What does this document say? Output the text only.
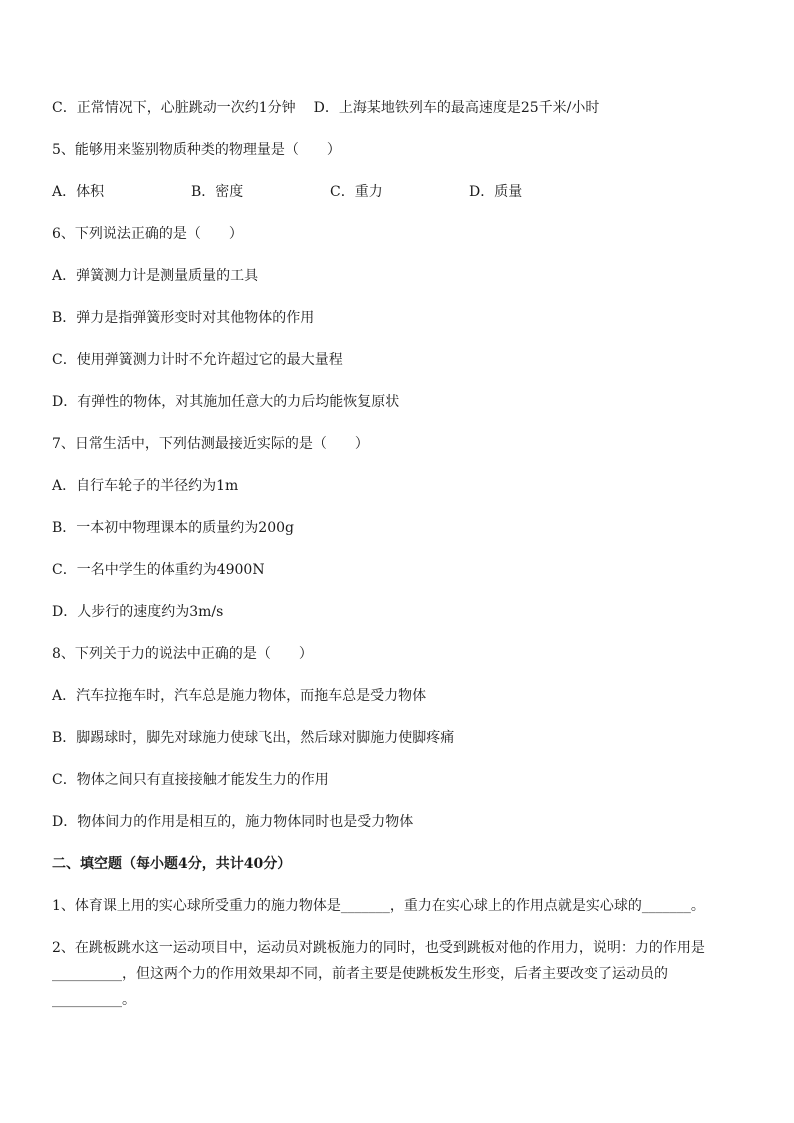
C．正常情况下，心脏跳动一次约1分钟 D．上海某地铁列车的最高速度是25千米/小时
5、能够用来鉴别物质种类的物理量是（　　）
A．体积	B．密度	C．重力	D．质量
6、下列说法正确的是（　　）
A．弹簧测力计是测量质量的工具
B．弹力是指弹簧形变时对其他物体的作用
C．使用弹簧测力计时不允许超过它的最大量程
D．有弹性的物体，对其施加任意大的力后均能恢复原状
7、日常生活中，下列估测最接近实际的是（　　）
A．自行车轮子的半径约为1m
B．一本初中物理课本的质量约为200g
C．一名中学生的体重约为4900N
D．人步行的速度约为3m/s
8、下列关于力的说法中正确的是（　　）
A．汽车拉拖车时，汽车总是施力物体，而拖车总是受力物体
B．脚踢球时，脚先对球施力使球飞出，然后球对脚施力使脚疼痛
C．物体之间只有直接接触才能发生力的作用
D．物体间力的作用是相互的，施力物体同时也是受力物体
二、填空题（每小题4分，共计40分）
1、体育课上用的实心球所受重力的施力物体是_______，重力在实心球上的作用点就是实心球的_______。
2、在跳板跳水这一运动项目中，运动员对跳板施力的同时，也受到跳板对他的作用力，说明：力的作用是
__________，但这两个力的作用效果却不同，前者主要是使跳板发生形变，后者主要改变了运动员的
__________。
